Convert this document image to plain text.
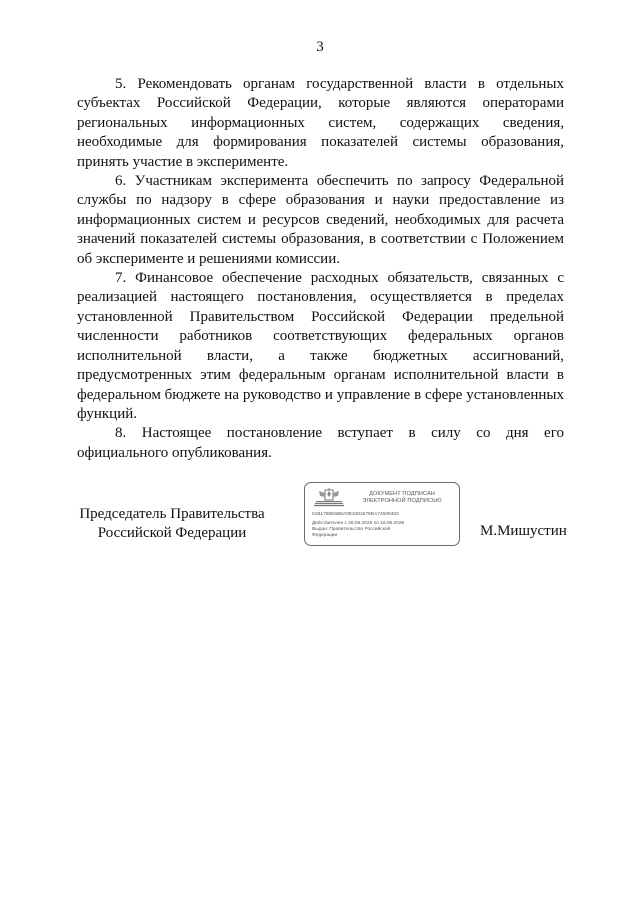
3

5. Рекомендовать органам государственной власти в отдельных субъектах Российской Федерации, которые являются операторами региональных информационных систем, содержащих сведения, необходимые для формирования показателей системы образования, принять участие в эксперименте.

6. Участникам эксперимента обеспечить по запросу Федеральной службы по надзору в сфере образования и науки предоставление из информационных систем и ресурсов сведений, необходимых для расчета значений показателей системы образования, в соответствии с Положением об эксперименте и решениями комиссии.

7. Финансовое обеспечение расходных обязательств, связанных с реализацией настоящего постановления, осуществляется в пределах установленной Правительством Российской Федерации предельной численности работников соответствующих федеральных органов исполнительной власти, а также бюджетных ассигнований, предусмотренных этим федеральным органам исполнительной власти в федеральном бюджете на руководство и управление в сфере установленных функций.

8. Настоящее постановление вступает в силу со дня его официального опубликования.

Председатель Правительства
Российской Федерации
ДОКУМЕНТ ПОДПИСАН
ЭЛЕКТРОННОЙ ПОДПИСЬЮ
01B1788E6B8A0E3401579DA74509463
Действителен с 26.06.2025 по 19.09.2026
Выдан: Правительство Российской
Федерации	М.Мишустин
